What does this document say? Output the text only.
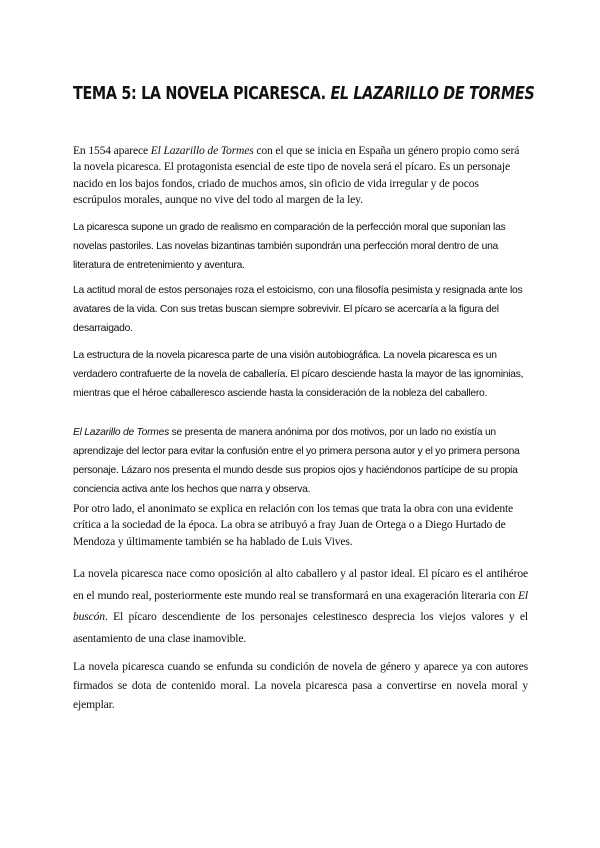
TEMA 5: LA NOVELA PICARESCA. EL LAZARILLO DE TORMES

En 1554 aparece El Lazarillo de Tormes con el que se inicia en España un género propio como será la novela picaresca. El protagonista esencial de este tipo de novela será el pícaro. Es un personaje nacido en los bajos fondos, criado de muchos amos, sin oficio de vida irregular y de pocos escrúpulos morales, aunque no vive del todo al margen de la ley.

La picaresca supone un grado de realismo en comparación de la perfección moral que suponían las novelas pastoriles. Las novelas bizantinas también supondrán una perfección moral dentro de una literatura de entretenimiento y aventura.

La actitud moral de estos personajes roza el estoicismo, con una filosofía pesimista y resignada ante los avatares de la vida. Con sus tretas buscan siempre sobrevivir. El pícaro se acercaría a la figura del desarraigado.

La estructura de la novela picaresca parte de una visión autobiográfica. La novela picaresca es un verdadero contrafuerte de la novela de caballería. El pícaro desciende hasta la mayor de las ignominias, mientras que el héroe caballeresco asciende hasta la consideración de la nobleza del caballero.

El Lazarillo de Tormes se presenta de manera anónima por dos motivos, por un lado no existía un aprendizaje del lector para evitar la confusión entre el yo primera persona autor y el yo primera persona personaje. Lázaro nos presenta el mundo desde sus propios ojos y haciéndonos partícipe de su propia conciencia activa ante los hechos que narra y observa.

Por otro lado, el anonimato se explica en relación con los temas que trata la obra con una evidente crítica a la sociedad de la época. La obra se atribuyó a fray Juan de Ortega o a Diego Hurtado de Mendoza y últimamente también se ha hablado de Luis Vives.

La novela picaresca nace como oposición al alto caballero y al pastor ideal. El pícaro es el antihéroe en el mundo real, posteriormente este mundo real se transformará en una exageración literaria con El buscón. El pícaro descendiente de los personajes celestinesco desprecia los viejos valores y el asentamiento de una clase inamovible.

La novela picaresca cuando se enfunda su condición de novela de género y aparece ya con autores firmados se dota de contenido moral. La novela picaresca pasa a convertirse en novela moral y ejemplar.
